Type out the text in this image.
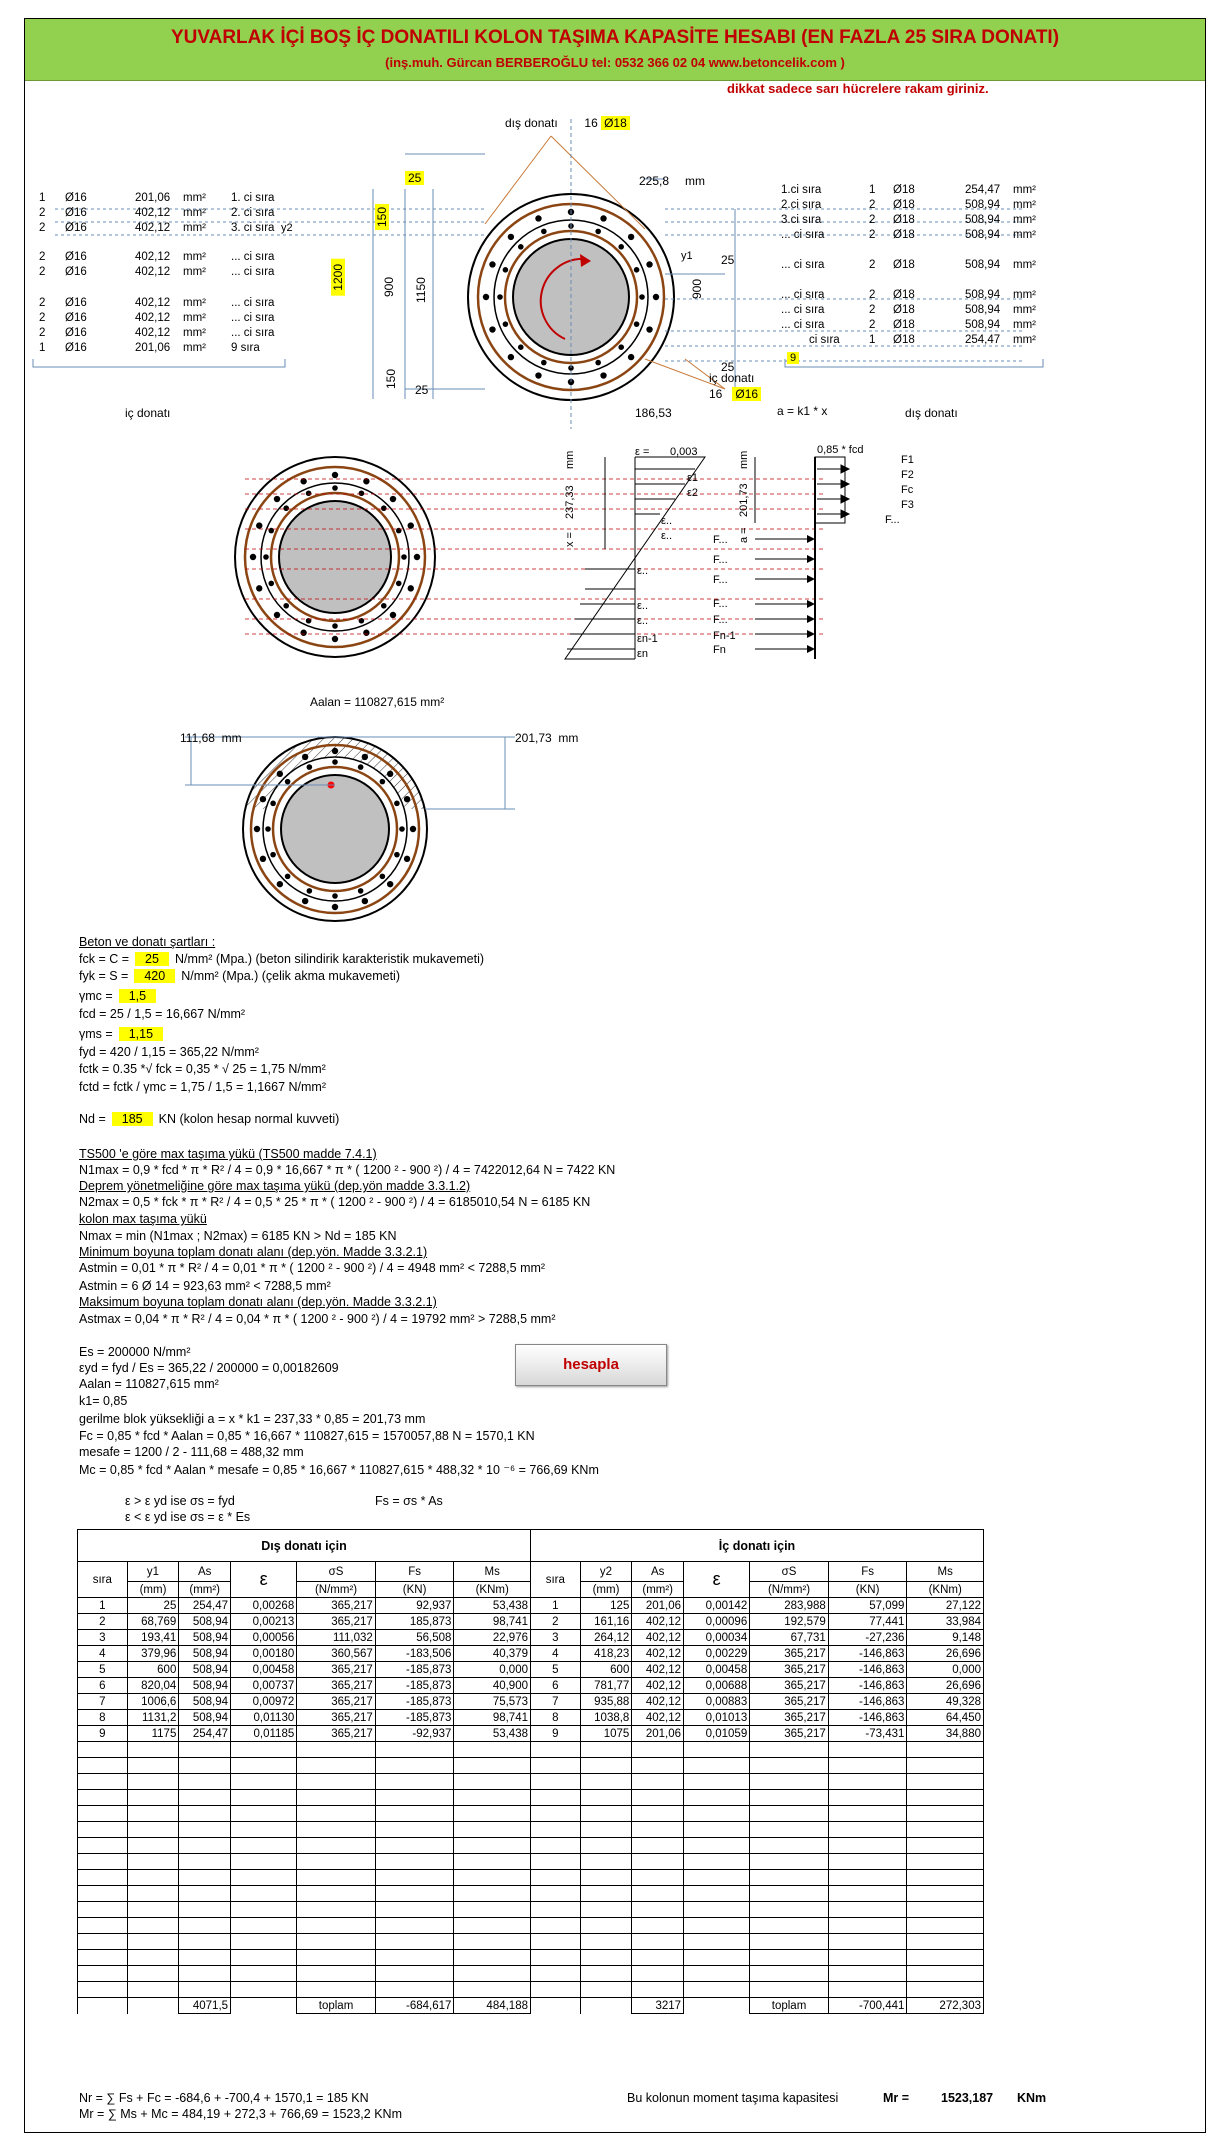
YUVARLAK İÇİ BOŞ İÇ DONATILI KOLON TAŞIMA KAPASİTE HESABI (EN FAZLA 25 SIRA DONATI)
(inş.muh. Gürcan BERBEROĞLU tel: 0532 366 02 04 www.betoncelik.com )
dikkat sadece sarı hücrelere rakam giriniz.
225,8 mm
186,53
25
25
25
y1
y2
900 1150	900
150
25
150
1200
dış donatı 16 Ø18
iç donatı
16 Ø16
a = k1 * x
iç donatı	dış donatı
1 Ø16	201,06 mm² 1. ci sıra
2 Ø16	402,12 mm² 2. ci sıra
2 Ø16	402,12 mm² 3. ci sıra
2 Ø16	402,12 mm² ... ci sıra
2 Ø16	402,12 mm² ... ci sıra
2 Ø16	402,12 mm² ... ci sıra
2 Ø16	402,12 mm² ... ci sıra
2 Ø16	402,12 mm² ... ci sıra
1 Ø16	201,06 mm² 9 sıra
1.ci sıra	1 Ø18	254,47 mm²
2.ci sıra	2 Ø18	508,94 mm²
3.ci sıra	2 Ø18	508,94 mm²
... ci sıra	2 Ø18	508,94 mm²
... ci sıra	2 Ø18	508,94 mm²
... ci sıra	2 Ø18	508,94 mm²
... ci sıra	2 Ø18	508,94 mm²
... ci sıra	2 Ø18	508,94 mm²
ci sıra	1 Ø18	254,47 mm²
9
ε = 0,003
ε1
ε2
0,85 * fcd
237,33
x =
201,73
a =
mm	mm	F1
F2
Fc
F3
F...
ε..
ε..
ε..
ε..
ε..
εn-1
εn
F...
F...
F...
F...
F...
Fn-1
Fn
Aalan = 110827,615 mm²
111,68 mm	201,73 mm
Beton ve donatı şartları :
fck = C = 25 N/mm² (Mpa.) (beton silindirik karakteristik mukavemeti)
fyk = S = 420 N/mm² (Mpa.) (çelik akma mukavemeti)
γmc = 1,5
fcd = 25 / 1,5 = 16,667 N/mm²
γms = 1,15
fyd = 420 / 1,15 = 365,22 N/mm²
fctk = 0.35 *√ fck = 0,35 * √ 25 = 1,75 N/mm²
fctd = fctk / γmc = 1,75 / 1,5 = 1,1667 N/mm²
Nd = 185 KN (kolon hesap normal kuvveti)
TS500 'e göre max taşıma yükü (TS500 madde 7.4.1)
N1max = 0,9 * fcd * π * R² / 4 = 0,9 * 16,667 * π * ( 1200 ² - 900 ²) / 4 = 7422012,64 N = 7422 KN
Deprem yönetmeliğine göre max taşıma yükü (dep.yön madde 3.3.1.2)
N2max = 0,5 * fck * π * R² / 4 = 0,5 * 25 * π * ( 1200 ² - 900 ²) / 4 = 6185010,54 N = 6185 KN
kolon max taşıma yükü
Nmax = min (N1max ; N2max) = 6185 KN > Nd = 185 KN
Minimum boyuna toplam donatı alanı (dep.yön. Madde 3.3.2.1)
Astmin = 0,01 * π * R² / 4 = 0,01 * π * ( 1200 ² - 900 ²) / 4 = 4948 mm² < 7288,5 mm²
Astmin = 6 Ø 14 = 923,63 mm² < 7288,5 mm²
Maksimum boyuna toplam donatı alanı (dep.yön. Madde 3.3.2.1)
Astmax = 0,04 * π * R² / 4 = 0,04 * π * ( 1200 ² - 900 ²) / 4 = 19792 mm² > 7288,5 mm²
Es = 200000 N/mm²
εyd = fyd / Es = 365,22 / 200000 = 0,00182609
Aalan = 110827,615 mm²
k1= 0,85
gerilme blok yüksekliği a = x * k1 = 237,33 * 0,85 = 201,73 mm
Fc = 0,85 * fcd * Aalan = 0,85 * 16,667 * 110827,615 = 1570057,88 N = 1570,1 KN
mesafe = 1200 / 2 - 111,68 = 488,32 mm
Mc = 0,85 * fcd * Aalan * mesafe = 0,85 * 16,667 * 110827,615 * 488,32 * 10 ⁻⁶ = 766,69 KNm
hesapla
ε > ε yd ise σs = fyd	Fs = σs * As
ε < ε yd ise σs = ε * Es
Dış donatı için						
sıra	y1	As	ε	σS	Fs	Ms
	(mm)	(mm²)		(N/mm²)	(KN)	(KNm)
1	25	254,47	0,00268	365,217	92,937	53,438
2	68,769	508,94	0,00213	365,217	185,873	98,741
3	193,41	508,94	0,00056	111,032	56,508	22,976
4	379,96	508,94	0,00180	360,567	-183,506	40,379
5	600	508,94	0,00458	365,217	-185,873	0,000
6	820,04	508,94	0,00737	365,217	-185,873	40,900
7	1006,6	508,94	0,00972	365,217	-185,873	75,573
8	1131,2	508,94	0,01130	365,217	-185,873	98,741
9	1175	254,47	0,01185	365,217	-92,937	53,438

		4071,5		toplam	-684,617	484,188
İç donatı için						
sıra	y2	As	ε	σS	Fs	Ms
	(mm)	(mm²)		(N/mm²)	(KN)	(KNm)
1	125	201,06	0,00142	283,988	57,099	27,122
2	161,16	402,12	0,00096	192,579	77,441	33,984
3	264,12	402,12	0,00034	67,731	-27,236	9,148
4	418,23	402,12	0,00229	365,217	-146,863	26,696
5	600	402,12	0,00458	365,217	-146,863	0,000
6	781,77	402,12	0,00688	365,217	-146,863	26,696
7	935,88	402,12	0,00883	365,217	-146,863	49,328
8	1038,8	402,12	0,01013	365,217	-146,863	64,450
9	1075	201,06	0,01059	365,217	-73,431	34,880

		3217		toplam	-700,441	272,303
Nr = ∑ Fs + Fc = -684,6 + -700,4 + 1570,1 = 185 KN
Mr = ∑ Ms + Mc = 484,19 + 272,3 + 766,69 = 1523,2 KNm
Bu kolonun moment taşıma kapasitesi	Mr =	1523,187 KNm
